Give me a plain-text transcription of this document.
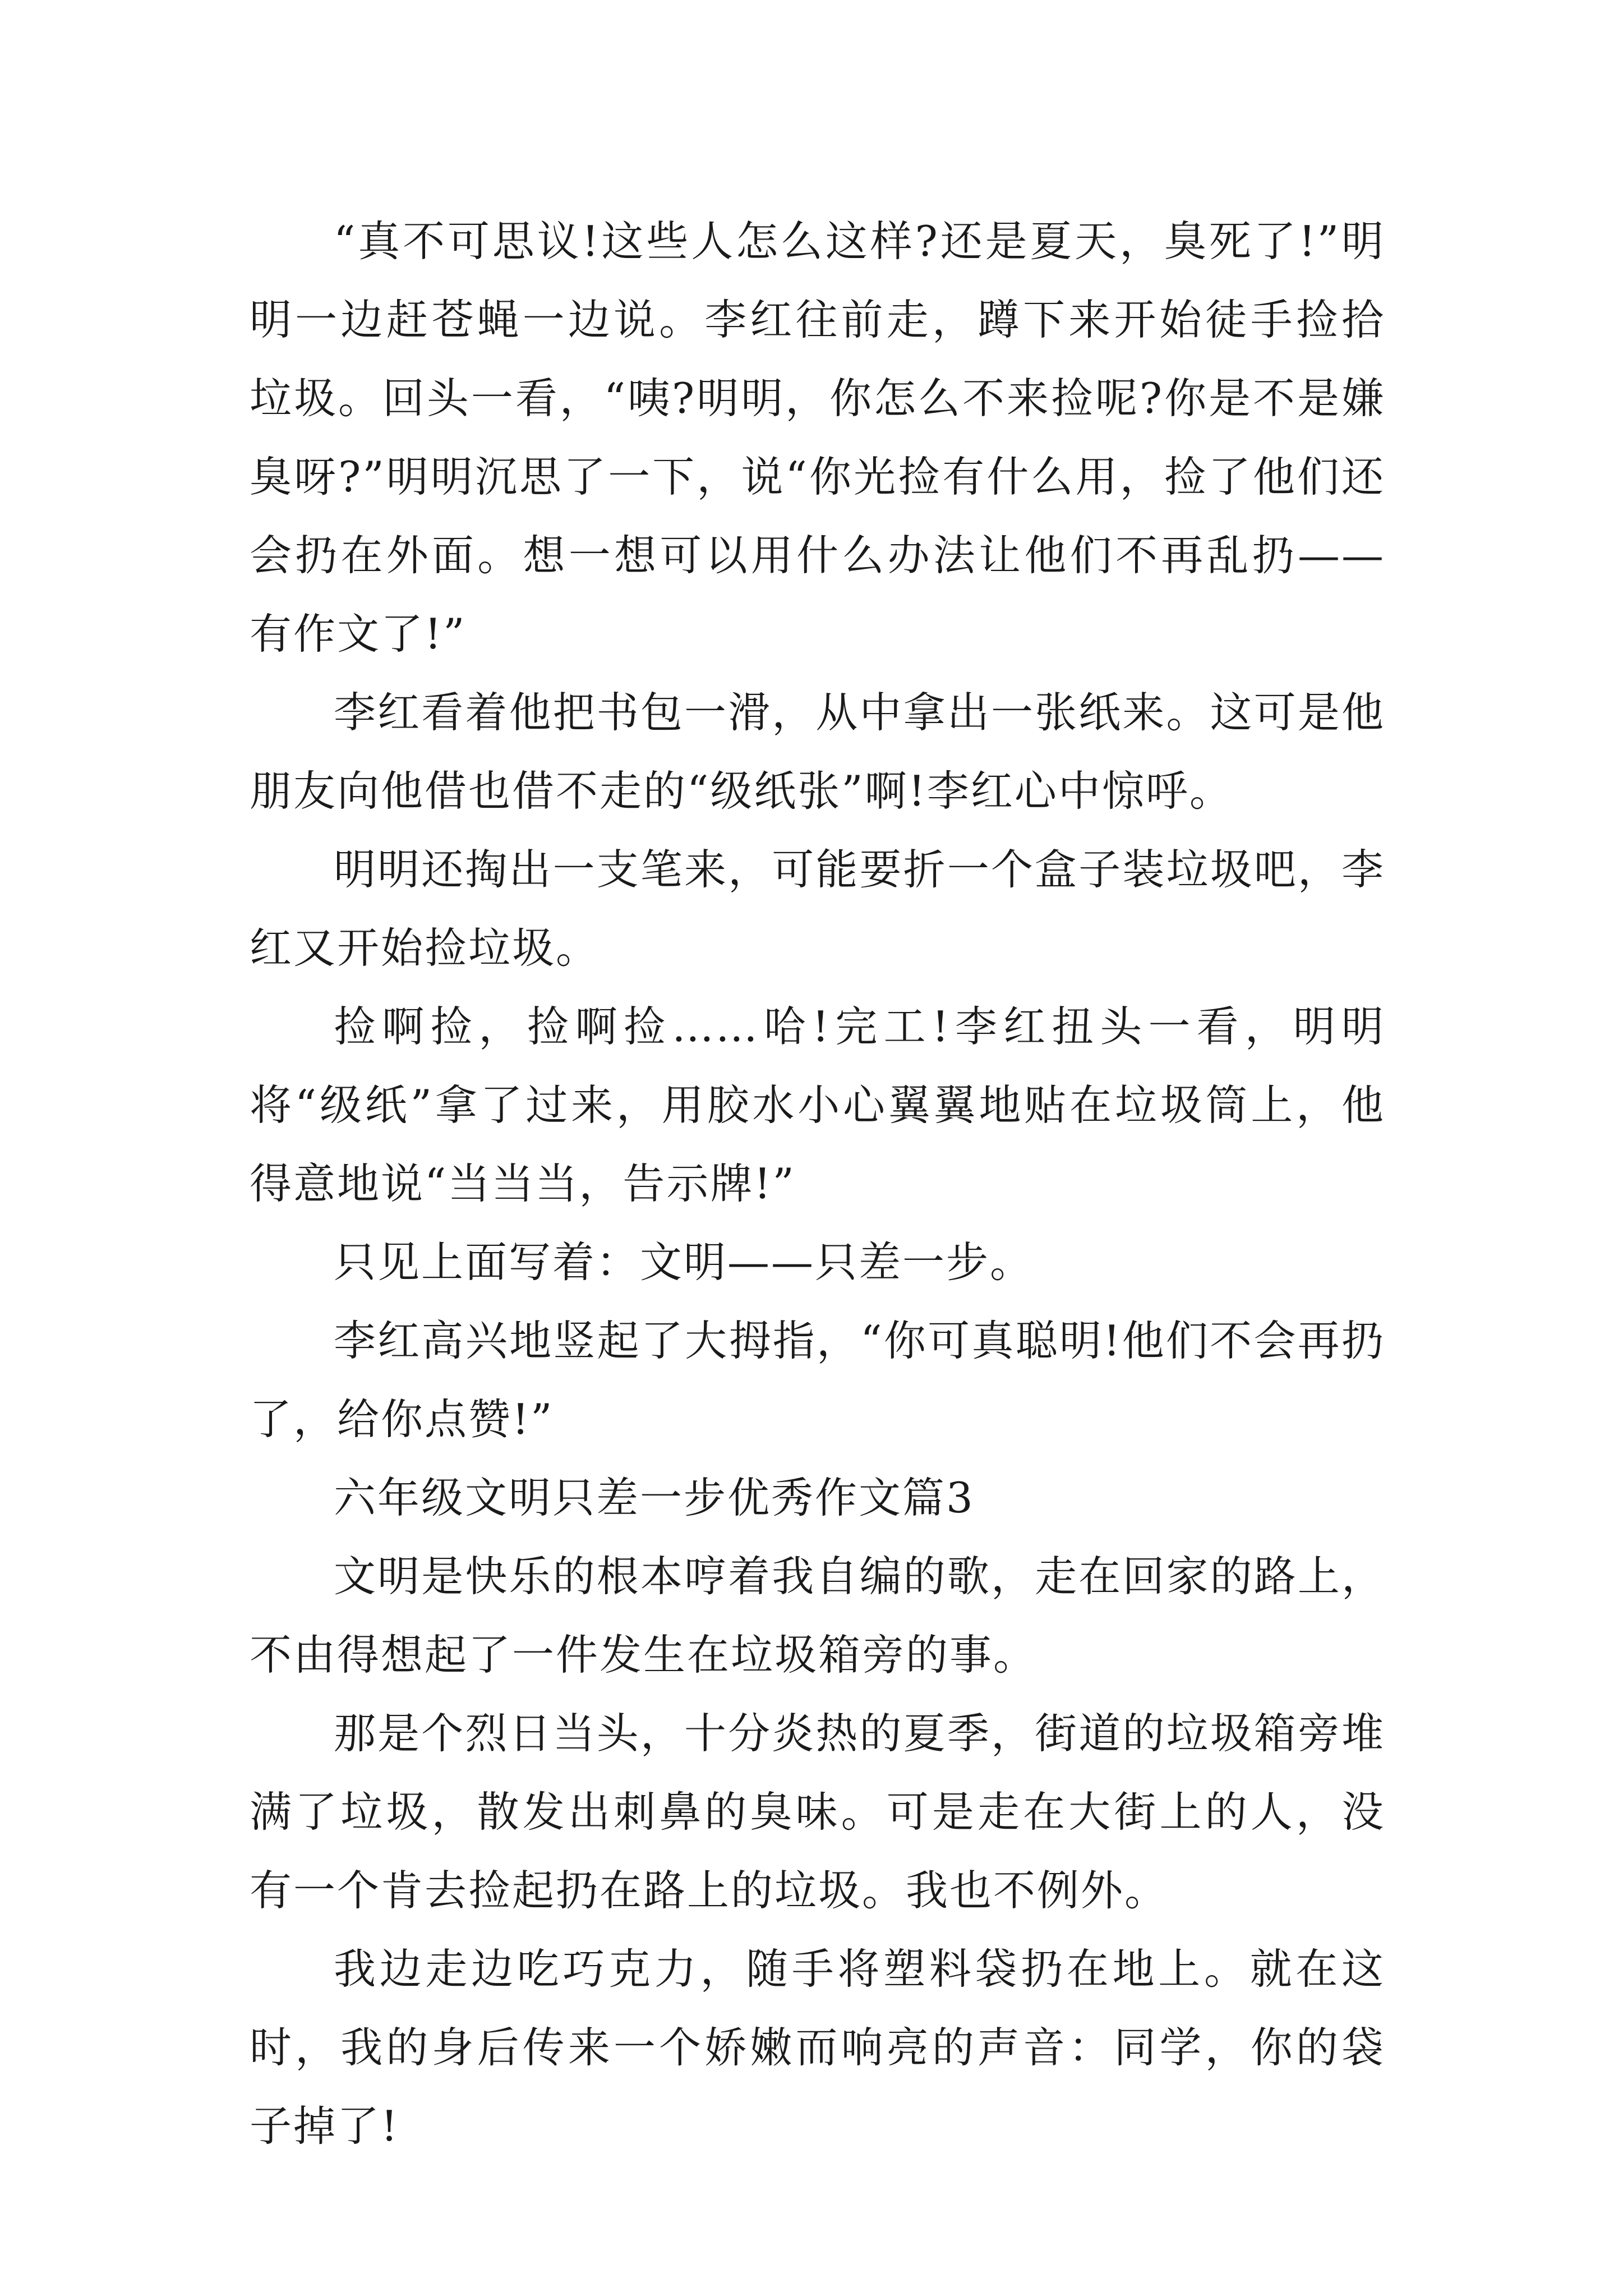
“真不可思议!这些人怎么这样?还是夏天，臭死了!”明明一边赶苍蝇一边说。李红往前走，蹲下来开始徒手捡拾垃圾。回头一看，“咦?明明，你怎么不来捡呢?你是不是嫌臭呀?”明明沉思了一下，说“你光捡有什么用，捡了他们还会扔在外面。想一想可以用什么办法让他们不再乱扔——有作文了!”

李红看着他把书包一滑，从中拿出一张纸来。这可是他朋友向他借也借不走的“级纸张”啊!李红心中惊呼。

明明还掏出一支笔来，可能要折一个盒子装垃圾吧，李红又开始捡垃圾。

捡啊捡，捡啊捡……哈!完工!李红扭头一看，明明将“级纸”拿了过来，用胶水小心翼翼地贴在垃圾筒上，他得意地说“当当当，告示牌!”

只见上面写着：文明——只差一步。

李红高兴地竖起了大拇指，“你可真聪明!他们不会再扔了，给你点赞!”

六年级文明只差一步优秀作文篇3

文明是快乐的根本哼着我自编的歌，走在回家的路上，不由得想起了一件发生在垃圾箱旁的事。

那是个烈日当头，十分炎热的夏季，街道的垃圾箱旁堆满了垃圾，散发出刺鼻的臭味。可是走在大街上的人，没有一个肯去捡起扔在路上的垃圾。我也不例外。

我边走边吃巧克力，随手将塑料袋扔在地上。就在这时，我的身后传来一个娇嫩而响亮的声音：同学，你的袋子掉了!
